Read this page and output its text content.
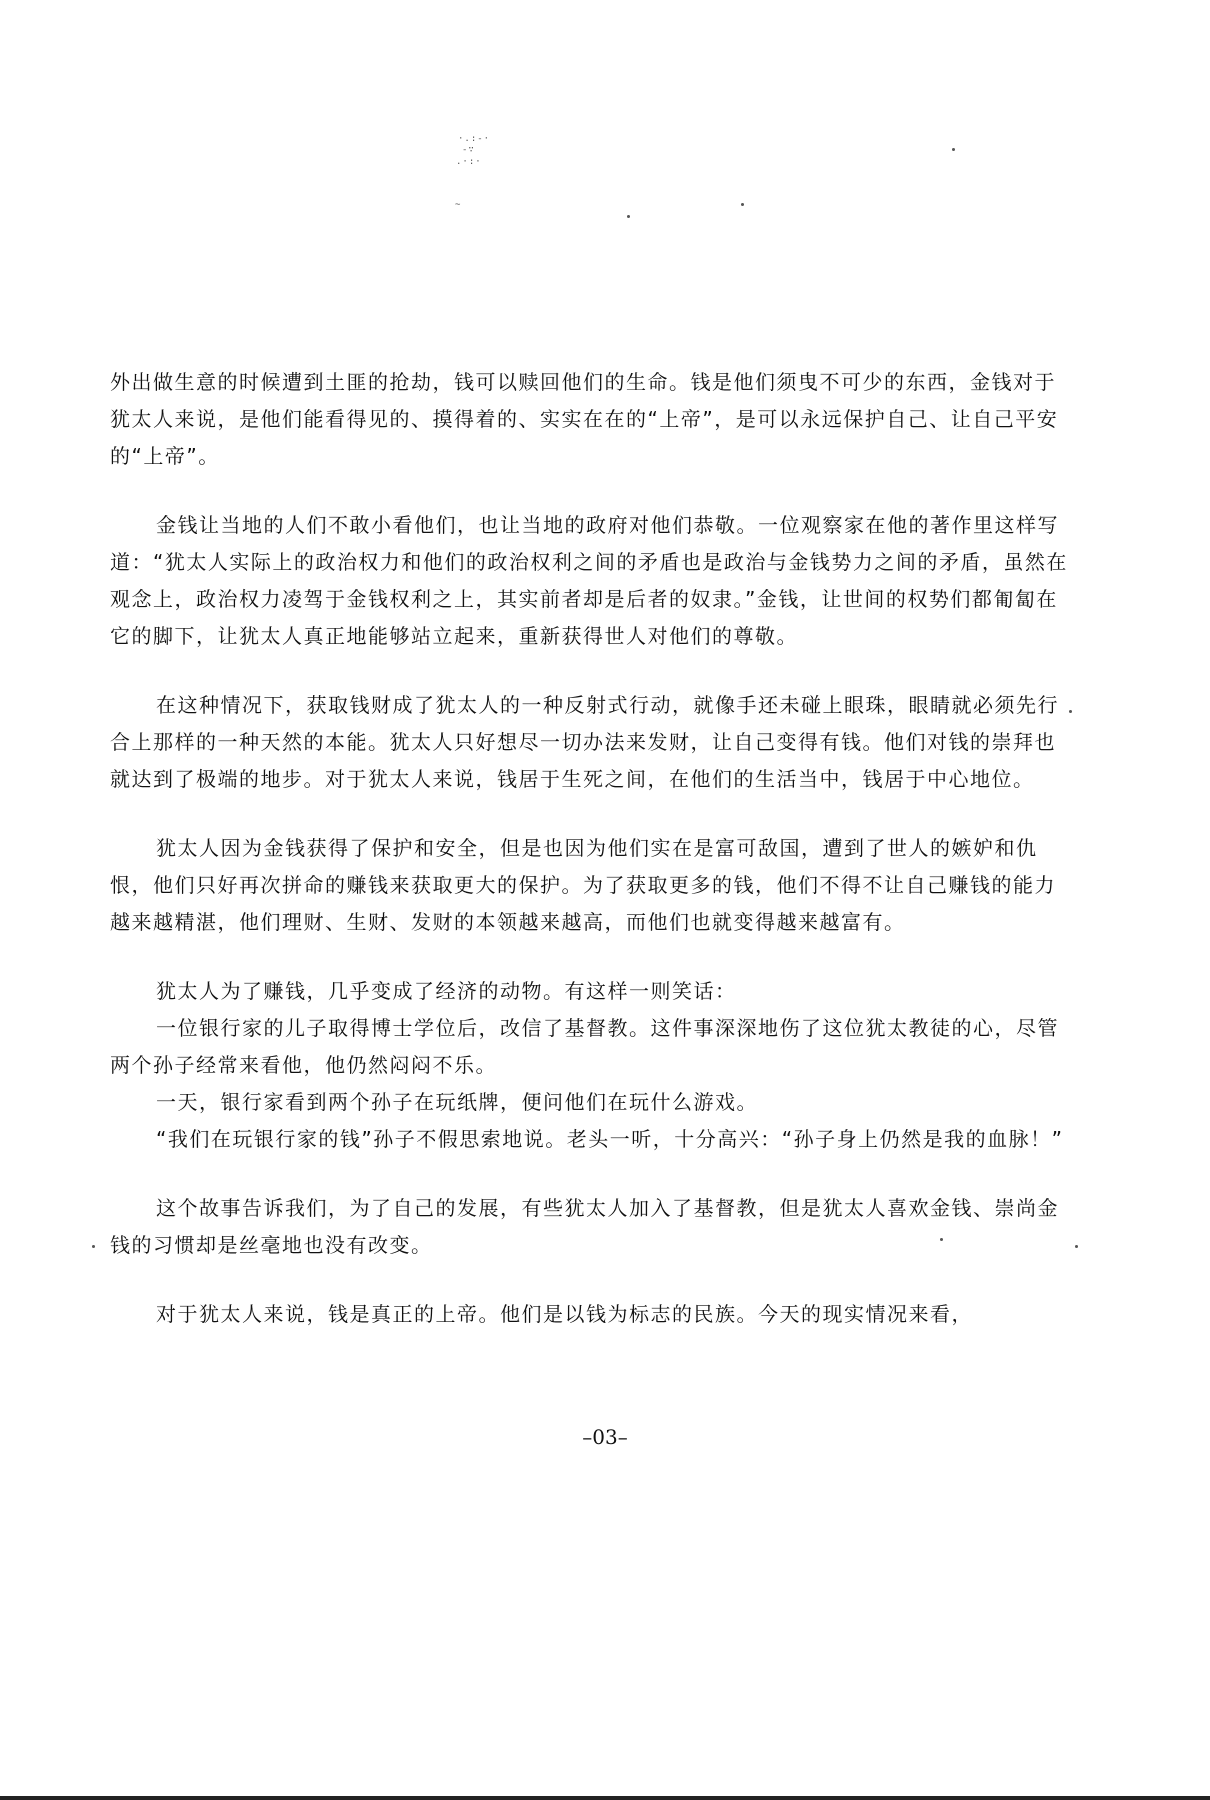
·.:-·
-∵
.·:·
~

外出做生意的时候遭到土匪的抢劫，钱可以赎回他们的生命。钱是他们须曳不可少的东西，金钱对于犹太人来说，是他们能看得见的、摸得着的、实实在在的“上帝”，是可以永远保护自己、让自己平安的“上帝”。

金钱让当地的人们不敢小看他们，也让当地的政府对他们恭敬。一位观察家在他的著作里这样写道：“犹太人实际上的政治权力和他们的政治权利之间的矛盾也是政治与金钱势力之间的矛盾，虽然在观念上，政治权力凌驾于金钱权利之上，其实前者却是后者的奴隶。”金钱，让世间的权势们都匍匐在它的脚下，让犹太人真正地能够站立起来，重新获得世人对他们的尊敬。

在这种情况下，获取钱财成了犹太人的一种反射式行动，就像手还未碰上眼珠，眼睛就必须先行合上那样的一种天然的本能。犹太人只好想尽一切办法来发财，让自己变得有钱。他们对钱的崇拜也就达到了极端的地步。对于犹太人来说，钱居于生死之间，在他们的生活当中，钱居于中心地位。

犹太人因为金钱获得了保护和安全，但是也因为他们实在是富可敌国，遭到了世人的嫉妒和仇恨，他们只好再次拼命的赚钱来获取更大的保护。为了获取更多的钱，他们不得不让自己赚钱的能力越来越精湛，他们理财、生财、发财的本领越来越高，而他们也就变得越来越富有。

犹太人为了赚钱，几乎变成了经济的动物。有这样一则笑话：

一位银行家的儿子取得博士学位后，改信了基督教。这件事深深地伤了这位犹太教徒的心，尽管两个孙子经常来看他，他仍然闷闷不乐。

一天，银行家看到两个孙子在玩纸牌，便问他们在玩什么游戏。

“我们在玩银行家的钱”孙子不假思索地说。老头一听，十分高兴：“孙子身上仍然是我的血脉！”

这个故事告诉我们，为了自己的发展，有些犹太人加入了基督教，但是犹太人喜欢金钱、崇尚金钱的习惯却是丝毫地也没有改变。

对于犹太人来说，钱是真正的上帝。他们是以钱为标志的民族。今天的现实情况来看，

–03–
